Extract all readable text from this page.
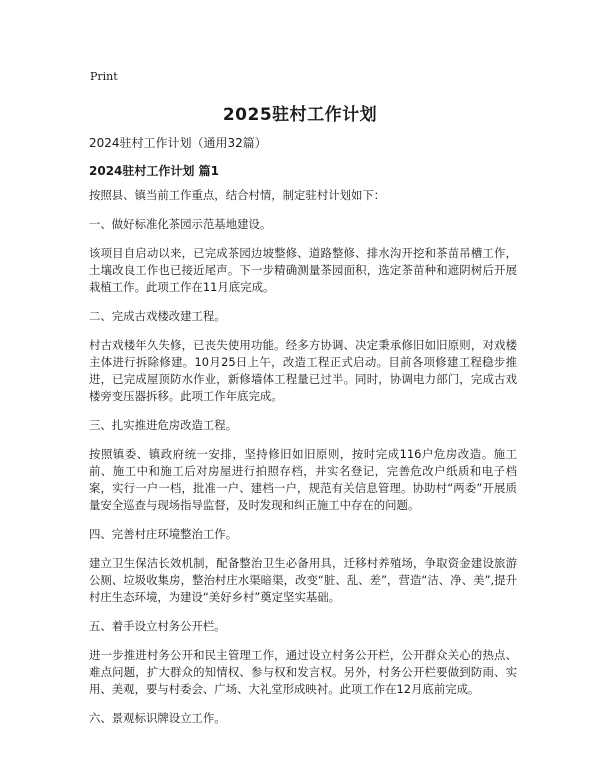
Print
2025驻村工作计划
2024驻村工作计划（通用32篇）
2024驻村工作计划 篇1

按照县、镇当前工作重点，结合村情，制定驻村计划如下：

一、做好标准化茶园示范基地建设。

该项目自启动以来，已完成茶园边坡整修、道路整修、排水沟开挖和茶苗吊槽工作，土壤改良工作也已接近尾声。下一步精确测量茶园面积，选定茶苗种和遮阴树后开展栽植工作。此项工作在11月底完成。

二、完成古戏楼改建工程。

村古戏楼年久失修，已丧失使用功能。经多方协调、决定秉承修旧如旧原则，对戏楼主体进行拆除修建。10月25日上午，改造工程正式启动。目前各项修建工程稳步推进，已完成屋顶防水作业，新修墙体工程量已过半。同时，协调电力部门，完成古戏楼旁变压器拆移。此项工作年底完成。

三、扎实推进危房改造工程。

按照镇委、镇政府统一安排，坚持修旧如旧原则，按时完成116户危房改造。施工前、施工中和施工后对房屋进行拍照存档，并实名登记，完善危改户纸质和电子档案，实行一户一档，批准一户、建档一户，规范有关信息管理。协助村“两委”开展质量安全巡查与现场指导监督，及时发现和纠正施工中存在的问题。

四、完善村庄环境整治工作。

建立卫生保洁长效机制，配备整治卫生必备用具，迁移村养殖场，争取资金建设旅游公厕、垃圾收集房，整治村庄水渠暗渠，改变“脏、乱、差”，营造“洁、净、美”,提升村庄生态环境，为建设“美好乡村”奠定坚实基础。

五、着手设立村务公开栏。

进一步推进村务公开和民主管理工作，通过设立村务公开栏，公开群众关心的热点、难点问题，扩大群众的知情权、参与权和发言权。另外，村务公开栏要做到防雨、实用、美观，要与村委会、广场、大礼堂形成映衬。此项工作在12月底前完成。

六、景观标识牌设立工作。
